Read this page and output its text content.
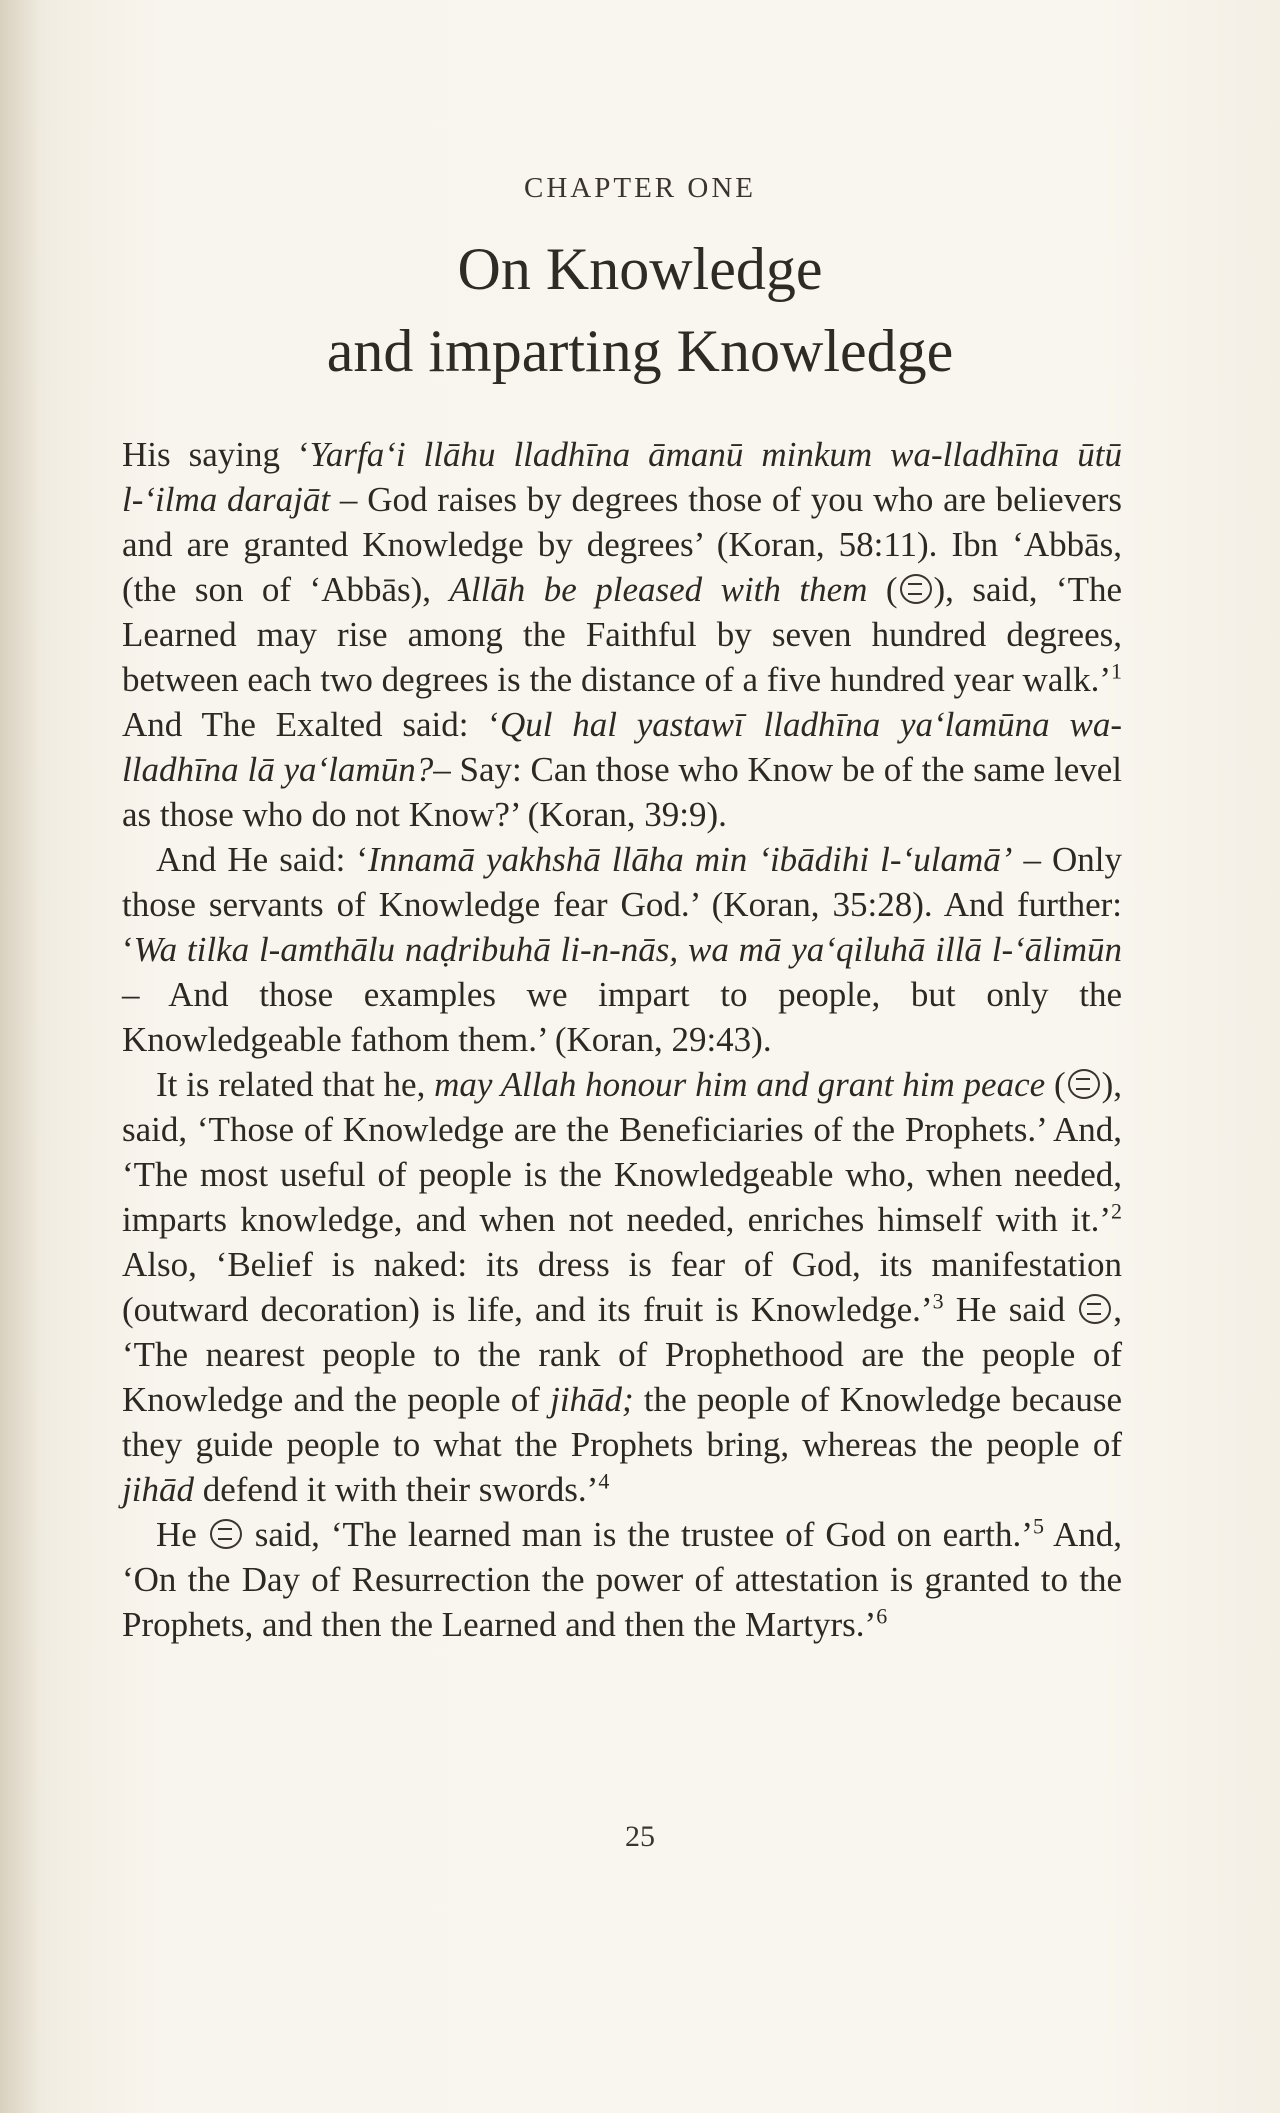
CHAPTER ONE
On Knowledge
and imparting Knowledge

His saying ‘Yarfa‘i llāhu lladhīna āmanū minkum wa-lladhīna ūtū l-‘ilma darajāt – God raises by degrees those of you who are believers and are granted Knowledge by degrees’ (Koran, 58:11). Ibn ‘Abbās, (the son of ‘Abbās), Allāh be pleased with them ( ), said, ‘The Learned may rise among the Faithful by seven hundred degrees, between each two degrees is the distance of a five hundred year walk.’$^1$ And The Exalted said: ‘Qul hal yastawī lladhīna ya‘lamūna wa-lladhīna lā ya‘lamūn?– Say: Can those who Know be of the same level as those who do not Know?’ (Koran, 39:9).

And He said: ‘Innamā yakhshā llāha min ‘ibādihi l-‘ulamā’ – Only those servants of Knowledge fear God.’ (Koran, 35:28). And further: ‘Wa tilka l-amthālu naḍribuhā li-n-nās, wa mā ya‘qiluhā illā l-‘ālimūn – And those examples we impart to people, but only the Knowledgeable fathom them.’ (Koran, 29:43).

It is related that he, may Allah honour him and grant him peace ( ), said, ‘Those of Knowledge are the Beneficiaries of the Prophets.’ And, ‘The most useful of people is the Knowledgeable who, when needed, imparts knowledge, and when not needed, enriches himself with it.’$^2$ Also, ‘Belief is naked: its dress is fear of God, its manifestation (outward decoration) is life, and its fruit is Knowledge.’$^3$ He said , ‘The nearest people to the rank of Prophethood are the people of Knowledge and the people of jihād; the people of Knowledge because they guide people to what the Prophets bring, whereas the people of jihād defend it with their swords.’$^4$

He  said, ‘The learned man is the trustee of God on earth.’$^5$ And, ‘On the Day of Resurrection the power of attestation is granted to the Prophets, and then the Learned and then the Martyrs.’$^6$

25
